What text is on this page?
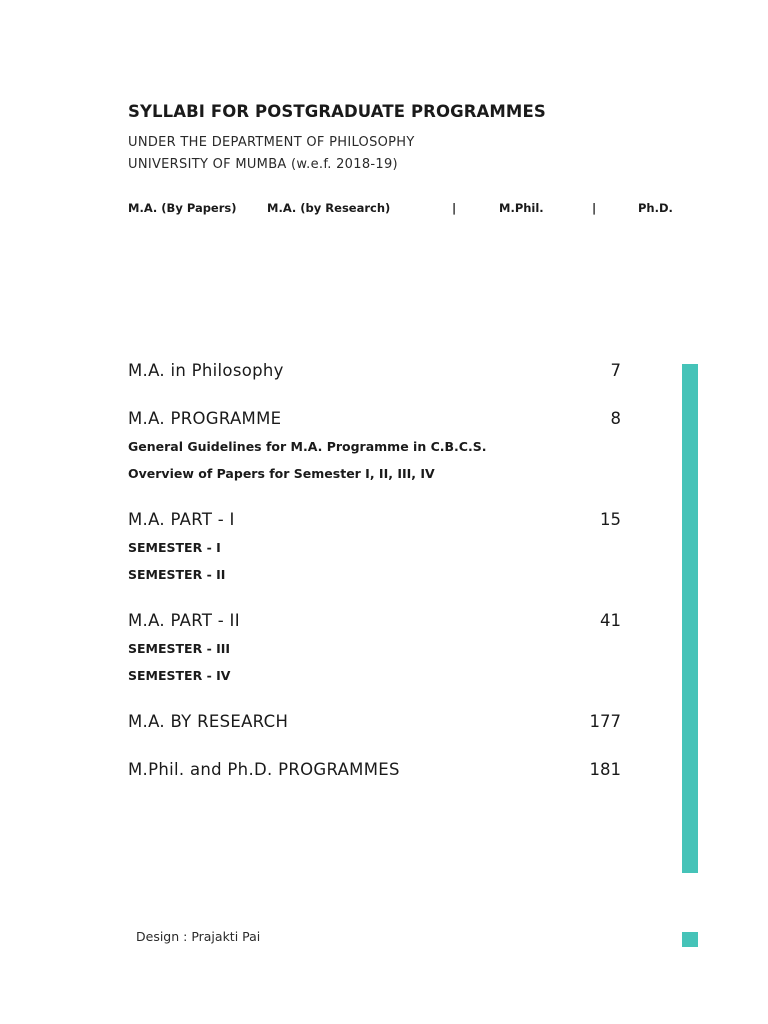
SYLLABI FOR POSTGRADUATE PROGRAMMES
UNDER THE DEPARTMENT OF PHILOSOPHY
UNIVERSITY OF MUMBA (w.e.f. 2018-19)
M.A. (By Papers)	M.A. (by Research)	|	M.Phil.	|	Ph.D.
M.A. in Philosophy	7
M.A. PROGRAMME	8
General Guidelines for M.A. Programme in C.B.C.S.
Overview of Papers for Semester I, II, III, IV
M.A. PART - I	15
SEMESTER - I
SEMESTER - II
M.A. PART - II	41
SEMESTER - III
SEMESTER - IV
M.A. BY RESEARCH	177
M.Phil. and Ph.D. PROGRAMMES	181
Design : Prajakti Pai
